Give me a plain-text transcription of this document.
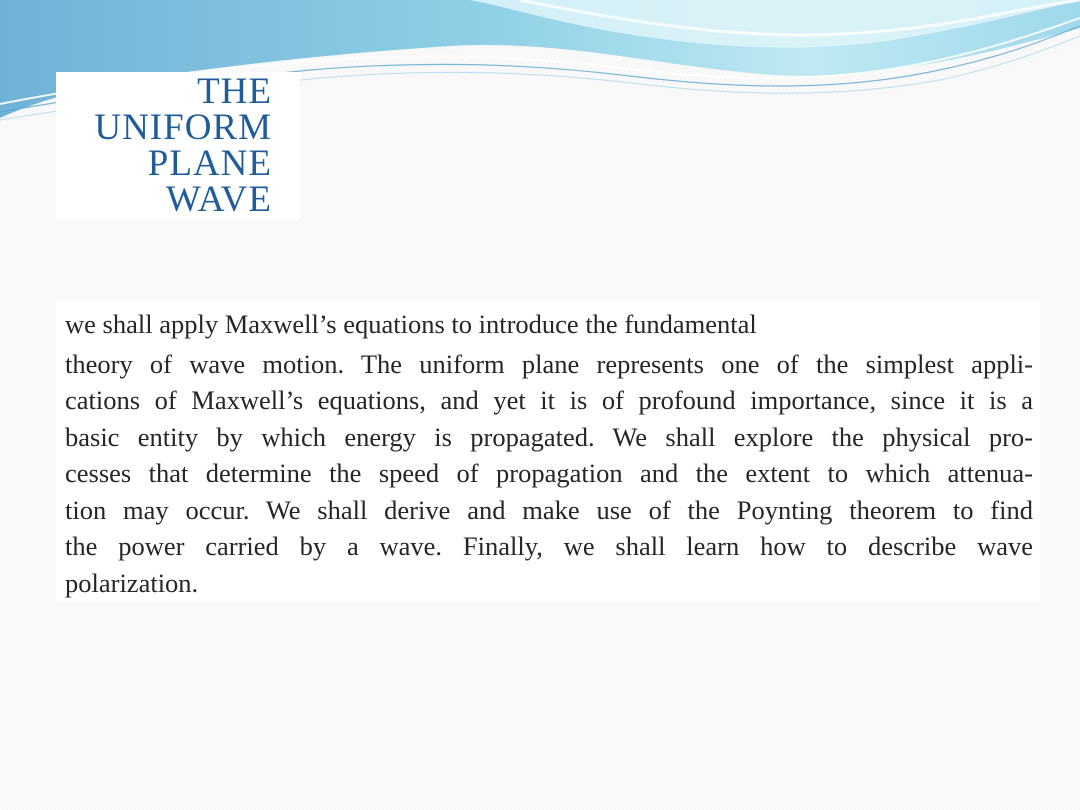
THE
UNIFORM
PLANE
WAVE

we shall apply Maxwell’s equations to introduce the fundamental
theory of wave motion. The uniform plane represents one of the simplest appli-
cations of Maxwell’s equations, and yet it is of profound importance, since it is a
basic entity by which energy is propagated. We shall explore the physical pro-
cesses that determine the speed of propagation and the extent to which attenua-
tion may occur. We shall derive and make use of the Poynting theorem to find
the power carried by a wave. Finally, we shall learn how to describe wave
polarization.
